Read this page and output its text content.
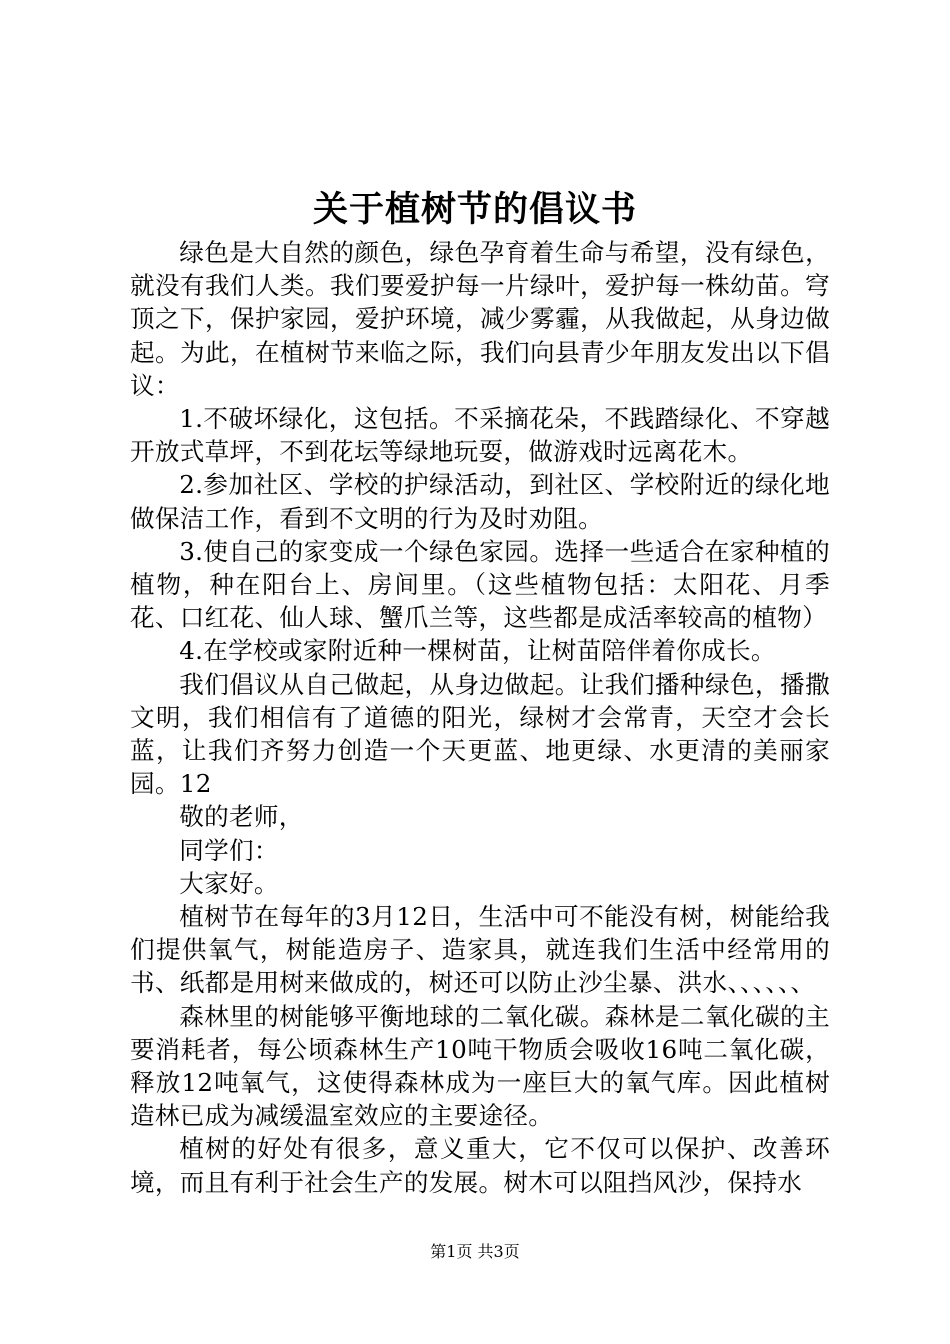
关于植树节的倡议书

绿色是大自然的颜色，绿色孕育着生命与希望，没有绿色，就没有我们人类。我们要爱护每一片绿叶，爱护每一株幼苗。穹顶之下，保护家园，爱护环境，减少雾霾，从我做起，从身边做起。为此，在植树节来临之际，我们向县青少年朋友发出以下倡议：

1.不破坏绿化，这包括。不采摘花朵，不践踏绿化、不穿越开放式草坪，不到花坛等绿地玩耍，做游戏时远离花木。

2.参加社区、学校的护绿活动，到社区、学校附近的绿化地做保洁工作，看到不文明的行为及时劝阻。

3.使自己的家变成一个绿色家园。选择一些适合在家种植的植物，种在阳台上、房间里。（这些植物包括：太阳花、月季花、口红花、仙人球、蟹爪兰等，这些都是成活率较高的植物）

4.在学校或家附近种一棵树苗，让树苗陪伴着你成长。

我们倡议从自己做起，从身边做起。让我们播种绿色，播撒文明，我们相信有了道德的阳光，绿树才会常青，天空才会长蓝，让我们齐努力创造一个天更蓝、地更绿、水更清的美丽家园。12

敬的老师，

同学们：

大家好。

植树节在每年的3月12日，生活中可不能没有树，树能给我们提供氧气，树能造房子、造家具，就连我们生活中经常用的书、纸都是用树来做成的，树还可以防止沙尘暴、洪水、、、、、、

森林里的树能够平衡地球的二氧化碳。森林是二氧化碳的主要消耗者，每公顷森林生产10吨干物质会吸收16吨二氧化碳，释放12吨氧气，这使得森林成为一座巨大的氧气库。因此植树造林已成为减缓温室效应的主要途径。

植树的好处有很多，意义重大，它不仅可以保护、改善环境，而且有利于社会生产的发展。树木可以阻挡风沙，保持水

第1页 共3页
